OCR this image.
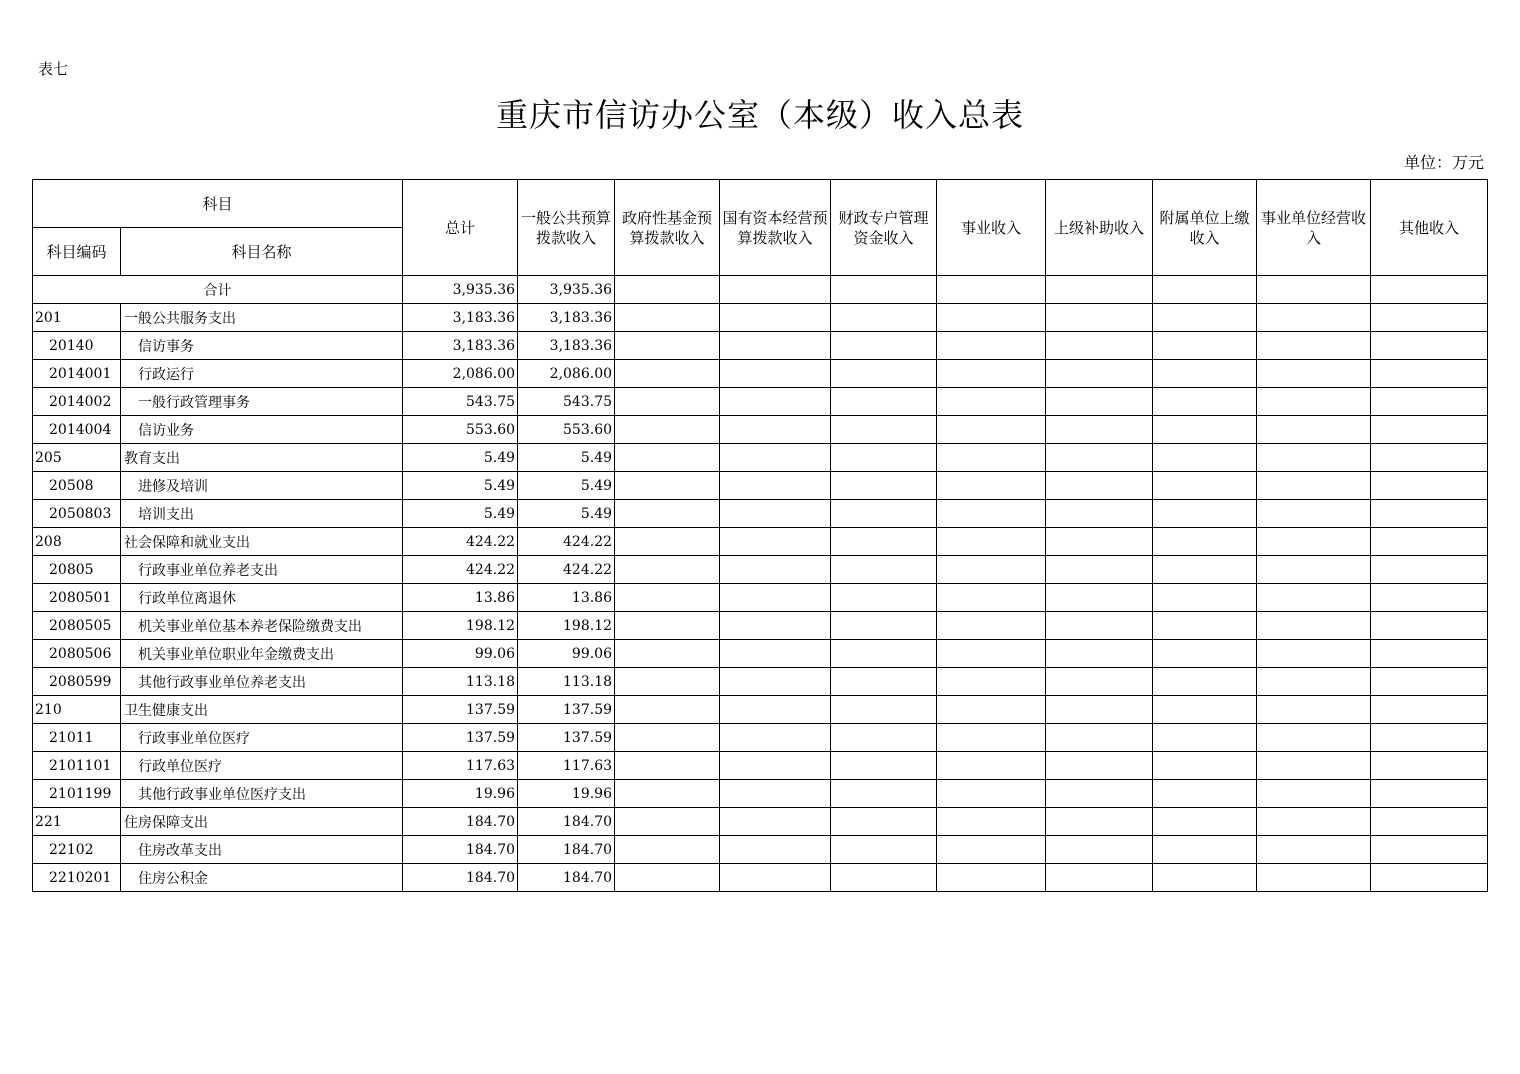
表七
重庆市信访办公室（本级）收入总表
单位：万元
科目		总计	一般公共预算拨款收入	政府性基金预算拨款收入	国有资本经营预算拨款收入	财政专户管理资金收入	事业收入	上级补助收入	附属单位上缴收入	事业单位经营收入	其他收入
科目编码	科目名称										
合计		3,935.36	3,935.36								
201	一般公共服务支出	3,183.36	3,183.36								
20140	信访事务	3,183.36	3,183.36								
2014001	行政运行	2,086.00	2,086.00								
2014002	一般行政管理事务	543.75	543.75								
2014004	信访业务	553.60	553.60								
205	教育支出	5.49	5.49								
20508	进修及培训	5.49	5.49								
2050803	培训支出	5.49	5.49								
208	社会保障和就业支出	424.22	424.22								
20805	行政事业单位养老支出	424.22	424.22								
2080501	行政单位离退休	13.86	13.86								
2080505	机关事业单位基本养老保险缴费支出	198.12	198.12								
2080506	机关事业单位职业年金缴费支出	99.06	99.06								
2080599	其他行政事业单位养老支出	113.18	113.18								
210	卫生健康支出	137.59	137.59								
21011	行政事业单位医疗	137.59	137.59								
2101101	行政单位医疗	117.63	117.63								
2101199	其他行政事业单位医疗支出	19.96	19.96								
221	住房保障支出	184.70	184.70								
22102	住房改革支出	184.70	184.70								
2210201	住房公积金	184.70	184.70								
